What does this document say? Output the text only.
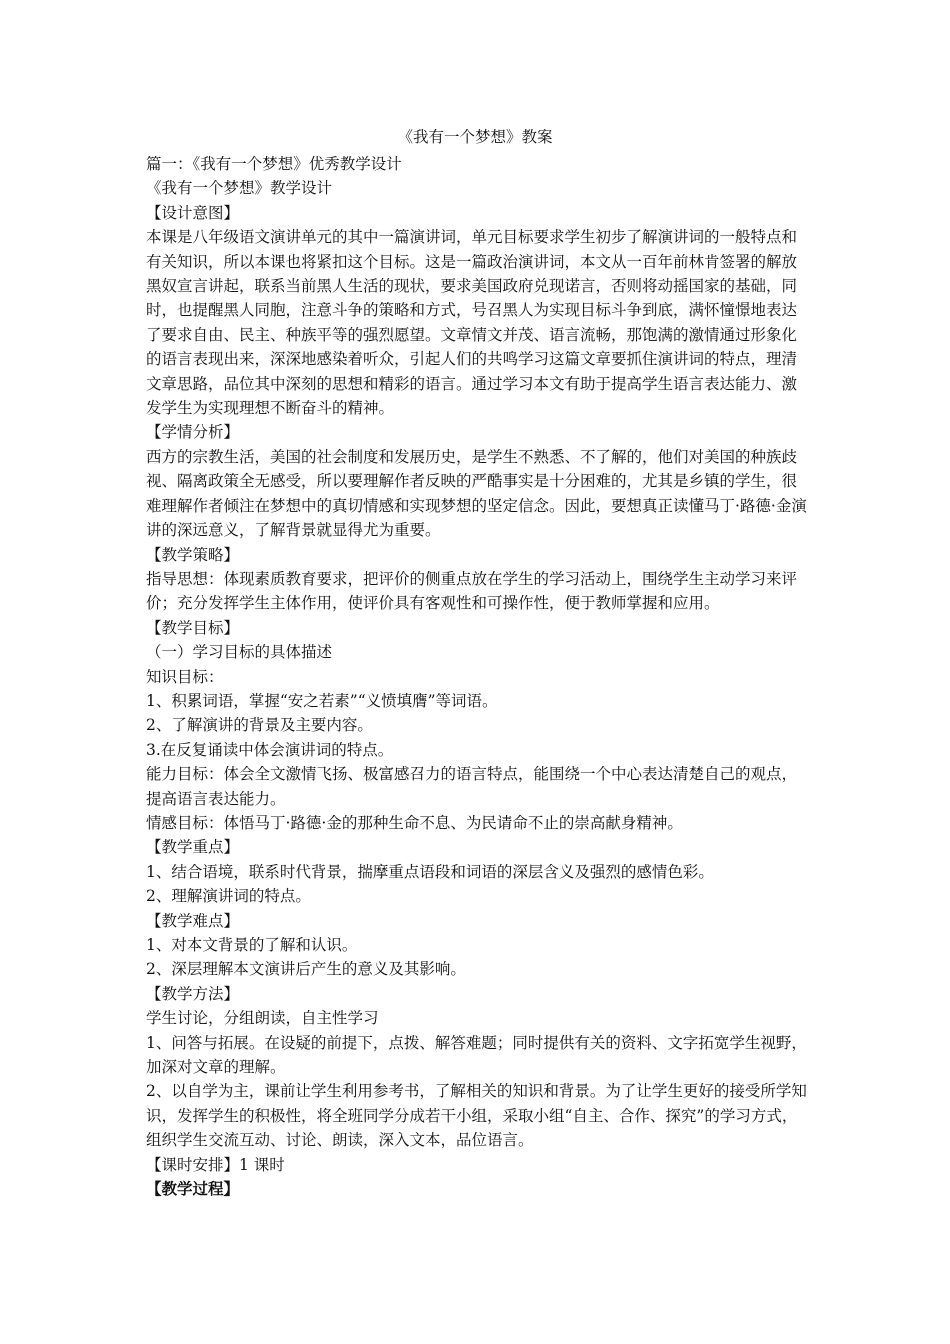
《我有一个梦想》教案

篇一：《我有一个梦想》优秀教学设计

《我有一个梦想》教学设计

【设计意图】

本课是八年级语文演讲单元的其中一篇演讲词，单元目标要求学生初步了解演讲词的一般特点和有关知识，所以本课也将紧扣这个目标。这是一篇政治演讲词，本文从一百年前林肯签署的解放黑奴宣言讲起，联系当前黑人生活的现状，要求美国政府兑现诺言，否则将动摇国家的基础，同时，也提醒黑人同胞，注意斗争的策略和方式，号召黑人为实现目标斗争到底，满怀憧憬地表达了要求自由、民主、种族平等的强烈愿望。文章情文并茂、语言流畅，那饱满的激情通过形象化的语言表现出来，深深地感染着听众，引起人们的共鸣学习这篇文章要抓住演讲词的特点，理清文章思路，品位其中深刻的思想和精彩的语言。通过学习本文有助于提高学生语言表达能力、激发学生为实现理想不断奋斗的精神。

【学情分析】

西方的宗教生活，美国的社会制度和发展历史，是学生不熟悉、不了解的，他们对美国的种族歧视、隔离政策全无感受，所以要理解作者反映的严酷事实是十分困难的，尤其是乡镇的学生，很难理解作者倾注在梦想中的真切情感和实现梦想的坚定信念。因此，要想真正读懂马丁·路德·金演讲的深远意义，了解背景就显得尤为重要。

【教学策略】

指导思想：体现素质教育要求，把评价的侧重点放在学生的学习活动上，围绕学生主动学习来评价；充分发挥学生主体作用，使评价具有客观性和可操作性，便于教师掌握和应用。

【教学目标】

（一）学习目标的具体描述

知识目标：

1、积累词语，掌握“安之若素”“义愤填膺”等词语。

2、了解演讲的背景及主要内容。

3.在反复诵读中体会演讲词的特点。

能力目标：体会全文激情飞扬、极富感召力的语言特点，能围绕一个中心表达清楚自己的观点，提高语言表达能力。

情感目标：体悟马丁·路德·金的那种生命不息、为民请命不止的崇高献身精神。

【教学重点】

1、结合语境，联系时代背景，揣摩重点语段和词语的深层含义及强烈的感情色彩。

2、理解演讲词的特点。

【教学难点】

1、对本文背景的了解和认识。

2、深层理解本文演讲后产生的意义及其影响。

【教学方法】

学生讨论，分组朗读，自主性学习

1、问答与拓展。在设疑的前提下，点拨、解答难题；同时提供有关的资料、文字拓宽学生视野，加深对文章的理解。

2、以自学为主，课前让学生利用参考书，了解相关的知识和背景。为了让学生更好的接受所学知识，发挥学生的积极性，将全班同学分成若干小组，采取小组“自主、合作、探究”的学习方式，组织学生交流互动、讨论、朗读，深入文本，品位语言。

【课时安排】1 课时

【教学过程】
